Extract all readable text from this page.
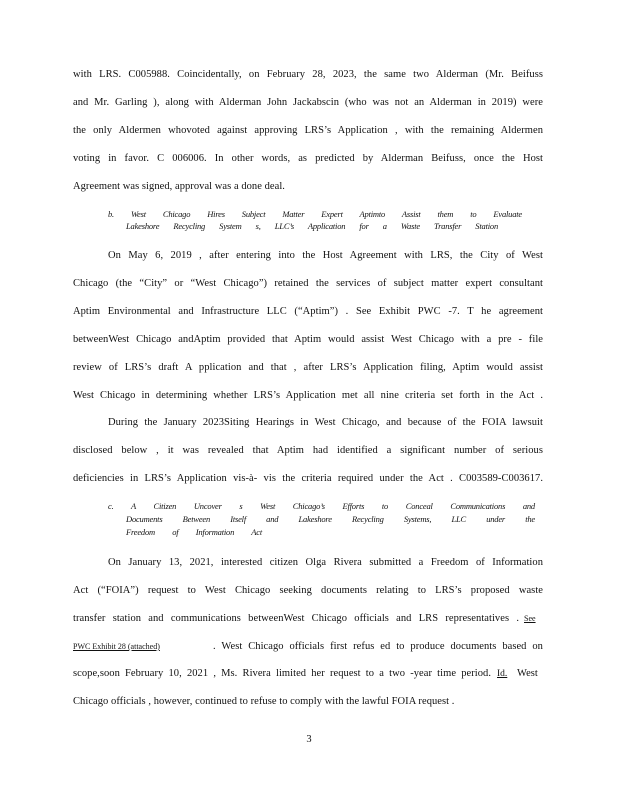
with LRS. C005988. Coincidentally, on February 28, 2023, the same two Alderman (Mr. Beifuss
and Mr. Garling ), along with Alderman John Jackabscin (who was not an Alderman in 2019) were
the only Aldermen whovoted against approving LRS’s Application , with the remaining Aldermen
voting in favor. C 006006. In other words, as predicted by Alderman Beifuss, once the Host
Agreement was signed, approval was a done deal.
b. West Chicago Hires Subject Matter Expert Aptimto Assist them to Evaluate
Lakeshore Recycling System s, LLC’s Application for a Waste Transfer Station
On May 6, 2019 , after entering into the Host Agreement with LRS, the City of West
Chicago (the “City” or “West Chicago”) retained the services of subject matter expert consultant
Aptim Environmental and Infrastructure LLC (“Aptim”) . See Exhibit PWC -7. T he agreement
betweenWest Chicago andAptim provided that Aptim would assist West Chicago with a pre - file
review of LRS’s draft A pplication and that , after LRS’s Application filing, Aptim would assist
West Chicago in determining whether LRS’s Application met all nine criteria set forth in the Act .
During the January 2023Siting Hearings in West Chicago, and because of the FOIA lawsuit
disclosed below , it was revealed that Aptim had identified a significant number of serious
deficiencies in LRS’s Application vis-à- vis the criteria required under the Act . C003589-C003617.
c. A Citizen Uncover s West Chicago’s Efforts to Conceal Communications and
Documents Between Itself and Lakeshore Recycling Systems, LLC under the
Freedom of Information Act
On January 13, 2021, interested citizen Olga Rivera submitted a Freedom of Information
Act (“FOIA”) request to West Chicago seeking documents relating to LRS’s proposed waste
transfer station and communications betweenWest Chicago officials and LRS representatives . See
PWC Exhibit 28 (attached)	. West Chicago officials first refus ed to produce documents based on
scope,soon February 10, 2021 , Ms. Rivera limited her request to a two -year time period. Id. West
Chicago officials , however, continued to refuse to comply with the lawful FOIA request .
3
